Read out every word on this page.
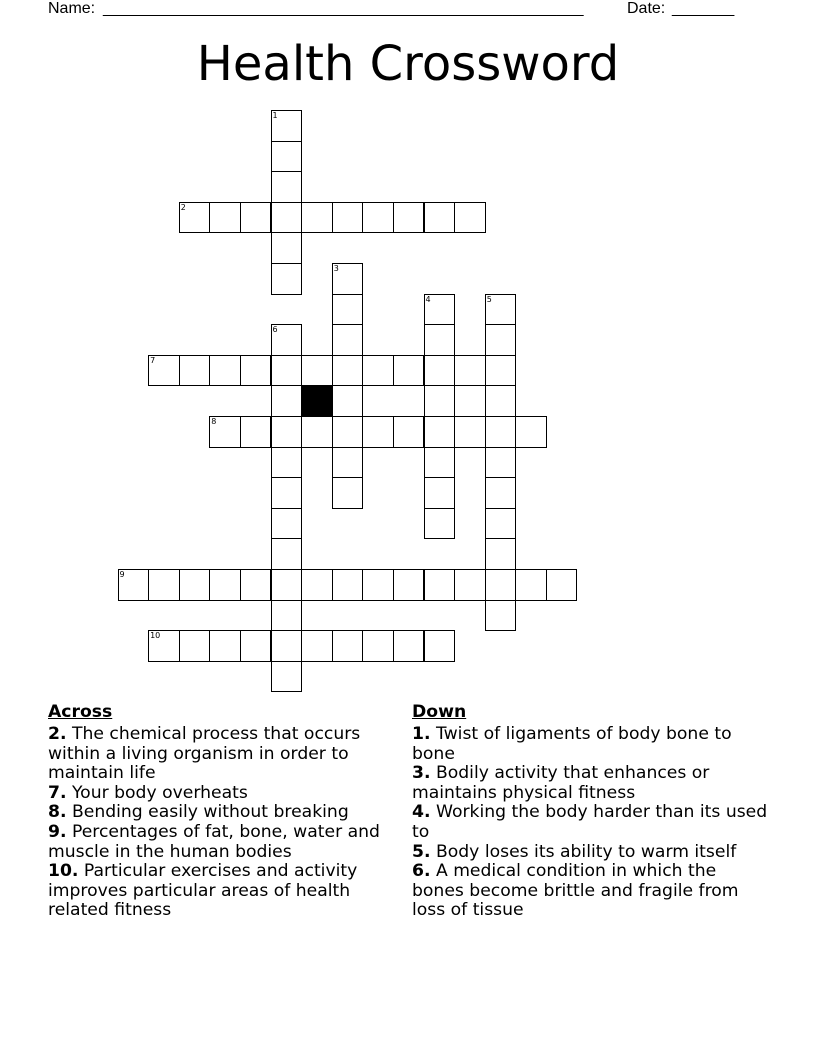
Name: ______________________________________________________	Date: _______
Health Crossword
1
2
3
4	5
6
7
8
9
10
Across

2. The chemical process that occurs within a living organism in order to maintain life

7. Your body overheats

8. Bending easily without breaking

9. Percentages of fat, bone, water and muscle in the human bodies

10. Particular exercises and activity improves particular areas of health related fitness

Down

1. Twist of ligaments of body bone to bone

3. Bodily activity that enhances or maintains physical fitness

4. Working the body harder than its used to

5. Body loses its ability to warm itself

6. A medical condition in which the bones become brittle and fragile from loss of tissue
